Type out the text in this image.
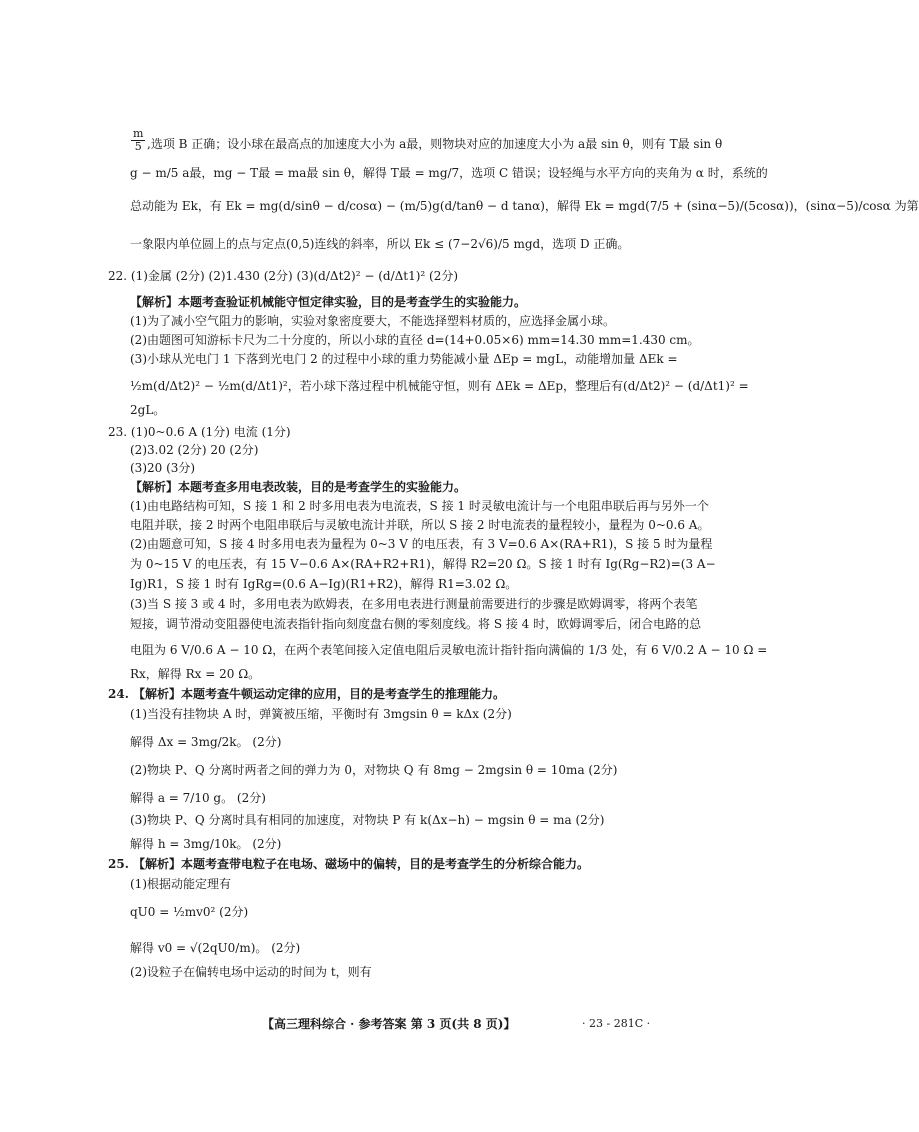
$\frac{m}{5}$ ,选项 B 正确；设小球在最高点的加速度大小为 a最，则物块对应的加速度大小为 a最 sin θ，则有 T最 sin θ
g − m/5 a最，mg − T最 = ma最 sin θ，解得 T最 = mg/7，选项 C 错误；设轻绳与水平方向的夹角为 α 时，系统的
总动能为 Ek，有 Ek = mg(d/sinθ − d/cosα) − (m/5)g(d/tanθ − d tanα)，解得 Ek = mgd(7/5 + (sinα−5)/(5cosα))，(sinα−5)/cosα 为第
一象限内单位圆上的点与定点(0,5)连线的斜率，所以 Ek ≤ (7−2√6)/5 mgd，选项 D 正确。
22. (1)金属 (2分) (2)1.430 (2分) (3)(d/Δt2)² − (d/Δt1)² (2分)
【解析】本题考查验证机械能守恒定律实验，目的是考查学生的实验能力。
(1)为了减小空气阻力的影响，实验对象密度要大，不能选择塑料材质的，应选择金属小球。
(2)由题图可知游标卡尺为二十分度的，所以小球的直径 d=(14+0.05×6) mm=14.30 mm=1.430 cm。
(3)小球从光电门 1 下落到光电门 2 的过程中小球的重力势能减小量 ΔEp = mgL，动能增加量 ΔEk =
½m(d/Δt2)² − ½m(d/Δt1)²，若小球下落过程中机械能守恒，则有 ΔEk = ΔEp，整理后有(d/Δt2)² − (d/Δt1)² =
2gL。
23. (1)0~0.6 A (1分) 电流 (1分)
(2)3.02 (2分) 20 (2分)
(3)20 (3分)
【解析】本题考查多用电表改装，目的是考查学生的实验能力。
(1)由电路结构可知，S 接 1 和 2 时多用电表为电流表，S 接 1 时灵敏电流计与一个电阻串联后再与另外一个
电阻并联，接 2 时两个电阻串联后与灵敏电流计并联，所以 S 接 2 时电流表的量程较小，量程为 0~0.6 A。
(2)由题意可知，S 接 4 时多用电表为量程为 0~3 V 的电压表，有 3 V=0.6 A×(RA+R1)，S 接 5 时为量程
为 0~15 V 的电压表，有 15 V−0.6 A×(RA+R2+R1)，解得 R2=20 Ω。S 接 1 时有 Ig(Rg−R2)=(3 A−
Ig)R1，S 接 1 时有 IgRg=(0.6 A−Ig)(R1+R2)，解得 R1=3.02 Ω。
(3)当 S 接 3 或 4 时，多用电表为欧姆表，在多用电表进行测量前需要进行的步骤是欧姆调零，将两个表笔
短接，调节滑动变阻器使电流表指针指向刻度盘右侧的零刻度线。将 S 接 4 时，欧姆调零后，闭合电路的总
电阻为 6 V/0.6 A − 10 Ω，在两个表笔间接入定值电阻后灵敏电流计指针指向满偏的 1/3 处，有 6 V/0.2 A − 10 Ω =
Rx，解得 Rx = 20 Ω。
24. 【解析】本题考查牛顿运动定律的应用，目的是考查学生的推理能力。
(1)当没有挂物块 A 时，弹簧被压缩，平衡时有 3mgsin θ = kΔx (2分)
解得 Δx = 3mg/2k。 (2分)
(2)物块 P、Q 分离时两者之间的弹力为 0，对物块 Q 有 8mg − 2mgsin θ = 10ma (2分)
解得 a = 7/10 g。 (2分)
(3)物块 P、Q 分离时具有相同的加速度，对物块 P 有 k(Δx−h) − mgsin θ = ma (2分)
解得 h = 3mg/10k。 (2分)
25. 【解析】本题考查带电粒子在电场、磁场中的偏转，目的是考查学生的分析综合能力。
(1)根据动能定理有
qU0 = ½mv0² (2分)
解得 v0 = √(2qU0/m)。 (2分)
(2)设粒子在偏转电场中运动的时间为 t，则有
【高三理科综合 · 参考答案 第 3 页(共 8 页)】	· 23 - 281C ·
